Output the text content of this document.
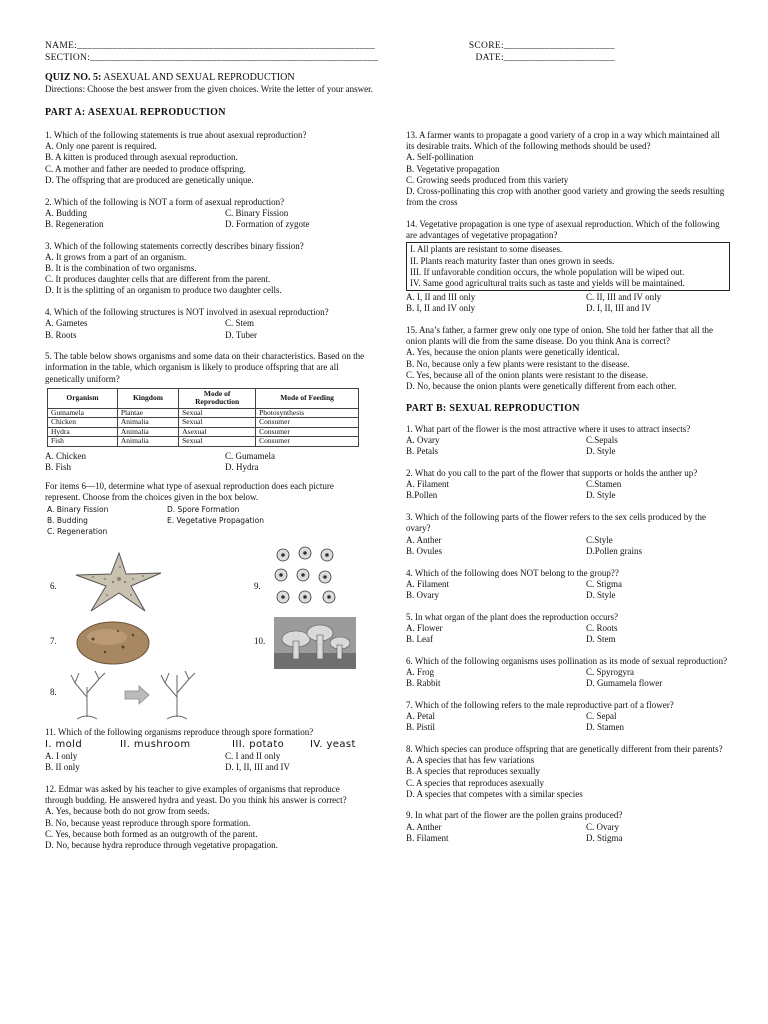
NAME:___________________________________________________________	SCORE:______________________
SECTION:_________________________________________________________	DATE:______________________
QUIZ NO. 5: ASEXUAL AND SEXUAL REPRODUCTION
Directions: Choose the best answer from the given choices. Write the letter of your answer.
PART A: ASEXUAL REPRODUCTION
1. Which of the following statements is true about asexual reproduction?
A. Only one parent is required.
B. A kitten is produced through asexual reproduction.
C. A mother and father are needed to produce offspring.
D. The offspring that are produced are genetically unique.
2. Which of the following is NOT a form of asexual reproduction?
A. Budding	C. Binary Fission
B. Regeneration	D. Formation of zygote
3. Which of the following statements correctly describes binary fission?
A. It grows from a part of an organism.
B. It is the combination of two organisms.
C. It produces daughter cells that are different from the parent.
D. It is the splitting of an organism to produce two daughter cells.
4. Which of the following structures is NOT involved in asexual reproduction?
A. Gametes	C. Stem
B. Roots	D. Tuber
5. The table below shows organisms and some data on their characteristics. Based on the information in the table, which organism is likely to produce offspring that are all genetically uniform?
Organism	Kingdom	Mode of Reproduction	Mode of Feeding
Gumamela	Plantae	Sexual	Photosynthesis
Chicken	Animalia	Sexual	Consumer
Hydra	Animalia	Asexual	Consumer
Fish	Animalia	Sexual	Consumer
A. Chicken	C. Gumamela
B. Fish	D. Hydra
For items 6—10, determine what type of asexual reproduction does each picture represent. Choose from the choices given in the box below.
A. Binary Fission	D. Spore Formation
B. Budding	E. Vegetative Propagation
C. Regeneration
6.
7.
8.
9.
10.
11. Which of the following organisms reproduce through spore formation?
I. mold	II. mushroom	III. potato	IV. yeast
A. I only	C. I and II only
B. II only	D. I, II, III and IV
12. Edmar was asked by his teacher to give examples of organisms that reproduce through budding. He answered hydra and yeast. Do you think his answer is correct?
A. Yes, because both do not grow from seeds.
B. No, because yeast reproduce through spore formation.
C. Yes, because both formed as an outgrowth of the parent.
D. No, because hydra reproduce through vegetative propagation.
13. A farmer wants to propagate a good variety of a crop in a way which maintained all its desirable traits. Which of the following methods should be used?
A. Self-pollination
B. Vegetative propagation
C. Growing seeds produced from this variety
D. Cross-pollinating this crop with another good variety and growing the seeds resulting from the cross
14. Vegetative propagation is one type of asexual reproduction. Which of the following are advantages of vegetative propagation?
I. All plants are resistant to some diseases.
II. Plants reach maturity faster than ones grown in seeds.
III. If unfavorable condition occurs, the whole population will be wiped out.
IV. Same good agricultural traits such as taste and yields will be maintained.
A. I, II and III only	C. II, III and IV only
B. I, II and IV only	D. I, II, III and IV
15. Ana’s father, a farmer grew only one type of onion. She told her father that all the onion plants will die from the same disease. Do you think Ana is correct?
A. Yes, because the onion plants were genetically identical.
B. No, because only a few plants were resistant to the disease.
C. Yes, because all of the onion plants were resistant to the disease.
D. No, because the onion plants were genetically different from each other.
PART B: SEXUAL REPRODUCTION
1. What part of the flower is the most attractive where it uses to attract insects?
A. Ovary	C.Sepals
B. Petals	D. Style
2. What do you call to the part of the flower that supports or holds the anther up?
A. Filament	C.Stamen
B.Pollen	D. Style
3. Which of the following parts of the flower refers to the sex cells produced by the ovary?
A. Anther	C.Style
B. Ovules	D.Pollen grains
4. Which of the following does NOT belong to the group??
A. Filament	C. Stigma
B. Ovary	D. Style
5. In what organ of the plant does the reproduction occurs?
A. Flower	C. Roots
B. Leaf	D. Stem
6. Which of the following organisms uses pollination as its mode of sexual reproduction?
A. Frog	C. Spyrogyra
B. Rabbit	D. Gumamela flower
7. Which of the following refers to the male reproductive part of a flower?
A. Petal	C. Sepal
B. Pistil	D. Stamen
8. Which species can produce offspring that are genetically different from their parents?
A. A species that has few variations
B. A species that reproduces sexually
C. A species that reproduces asexually
D. A species that competes with a similar species
9. In what part of the flower are the pollen grains produced?
A. Anther	C. Ovary
B. Filament	D. Stigma
